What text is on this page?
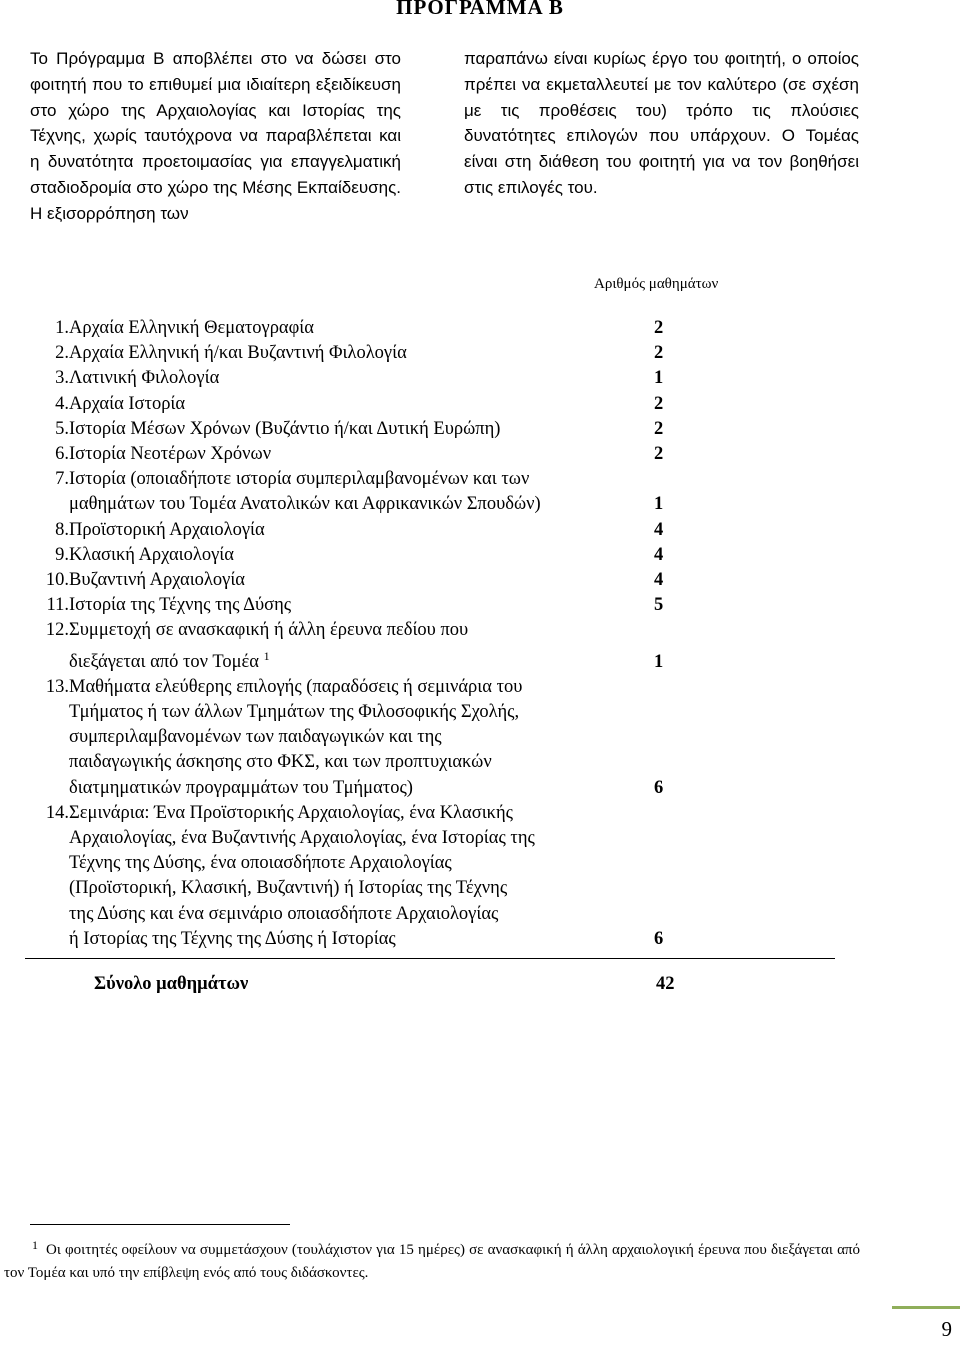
ΠΡΟΓΡΑΜΜΑ Β

Το Πρόγραμμα Β αποβλέπει στο να δώσει στο φοιτητή που το επιθυμεί μια ιδιαίτερη εξειδίκευση στο χώρο της Αρχαιολογίας και Ιστορίας της Τέχνης, χωρίς ταυτόχρονα να παραβλέπεται και η δυνατότητα προετοιμασίας για επαγγελματική σταδιοδρομία στο χώρο της Μέσης Εκπαίδευσης. Η εξισορρόπηση των

παραπάνω είναι κυρίως έργο του φοιτητή, ο οποίος πρέπει να εκμεταλλευτεί με τον καλύτερο (σε σχέση με τις προθέσεις του) τρόπο τις πλούσιες δυνατότητες επιλογών που υπάρχουν. Ο Τομέας είναι στη διάθεση του φοιτητή για να τον βοηθήσει στις επιλογές του.

Αριθμός μαθημάτων
1. Αρχαία Ελληνική Θεματογραφία	2
2. Αρχαία Ελληνική ή/και Βυζαντινή Φιλολογία	2
3. Λατινική Φιλολογία	1
4. Αρχαία Ιστορία	2
5. Ιστορία Μέσων Χρόνων (Βυζάντιο ή/και Δυτική Ευρώπη)	2
6. Ιστορία Νεοτέρων Χρόνων	2
7. Ιστορία (οποιαδήποτε ιστορία συμπεριλαμβανομένων και των
μαθημάτων του Τομέα Ανατολικών και Αφρικανικών Σπουδών)	1
8. Προϊστορική Αρχαιολογία	4
9. Κλασική Αρχαιολογία	4
10. Βυζαντινή Αρχαιολογία	4
11. Ιστορία της Τέχνης της Δύσης	5
12. Συμμετοχή σε ανασκαφική ή άλλη έρευνα πεδίου που
διεξάγεται από τον Τομέα $^1$	1
13. Μαθήματα ελεύθερης επιλογής (παραδόσεις ή σεμινάρια του
Τμήματος ή των άλλων Τμημάτων της Φιλοσοφικής Σχολής,
συμπεριλαμβανομένων των παιδαγωγικών και της
παιδαγωγικής άσκησης στο ΦΚΣ, και των προπτυχιακών
διατμηματικών προγραμμάτων του Τμήματος)	6
14. Σεμινάρια: Ένα Προϊστορικής Αρχαιολογίας, ένα Κλασικής
Αρχαιολογίας, ένα Βυζαντινής Αρχαιολογίας, ένα Ιστορίας της
Τέχνης της Δύσης, ένα οποιασδήποτε Αρχαιολογίας
(Προϊστορική, Κλασική, Βυζαντινή) ή Ιστορίας της Τέχνης
της Δύσης και ένα σεμινάριο οποιασδήποτε Αρχαιολογίας
ή Ιστορίας της Τέχνης της Δύσης ή Ιστορίας	6
Σύνολο μαθημάτων	42
$^1$ Οι φοιτητές οφείλουν να συμμετάσχουν (τουλάχιστον για 15 ημέρες) σε ανασκαφική ή άλλη αρχαιολογική έρευνα που διεξάγεται από τον Τομέα και υπό την επίβλεψη ενός από τους διδάσκοντες.
9
